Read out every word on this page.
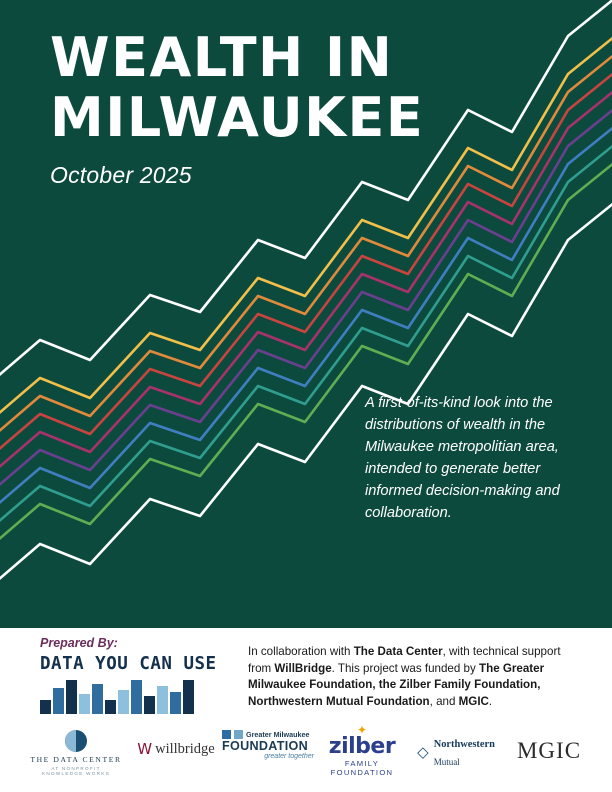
WEALTH IN
MILWAUKEE
October 2025
A first-of-its-kind look into the distributions of wealth in the Milwaukee metropolitian area, intended to generate better informed decision-making and collaboration.
Prepared By:
DATA YOU CAN USE
In collaboration with The Data Center, with technical support from WillBridge. This project was funded by The Greater Milwaukee Foundation, the Zilber Family Foundation, Northwestern Mutual Foundation, and MGIC.
THE DATA CENTER
AT NONPROFIT KNOWLEDGE WORKS
W willbridge
Greater Milwaukee
FOUNDATION
greater together
✦
zilber
FAMILY FOUNDATION
◇ Northwestern
Mutual	MGIC
